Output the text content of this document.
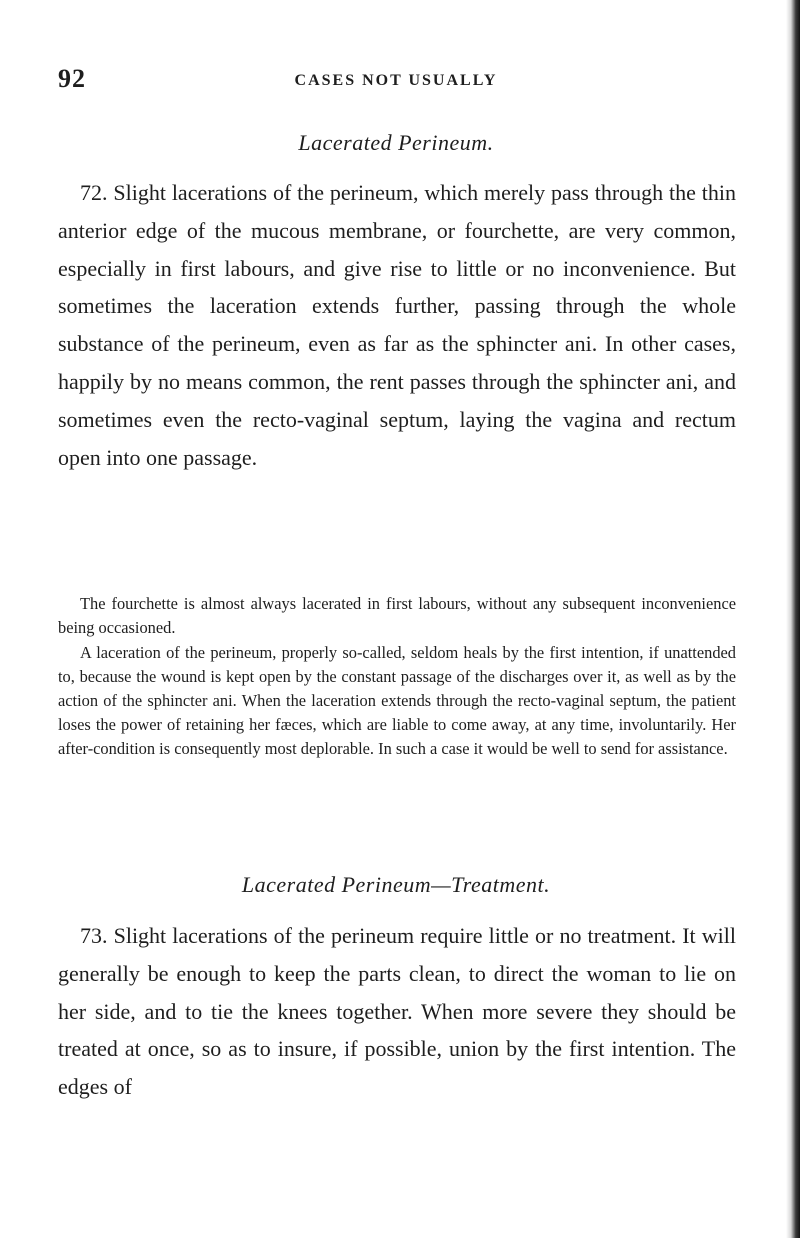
92	CASES NOT USUALLY
Lacerated Perineum.

72. Slight lacerations of the perineum, which merely pass through the thin anterior edge of the mucous membrane, or fourchette, are very common, especially in first labours, and give rise to little or no inconvenience. But sometimes the laceration extends further, passing through the whole substance of the perineum, even as far as the sphincter ani. In other cases, happily by no means common, the rent passes through the sphincter ani, and sometimes even the recto-vaginal septum, laying the vagina and rectum open into one passage.

The fourchette is almost always lacerated in first labours, without any subsequent inconvenience being occasioned.

A laceration of the perineum, properly so-called, seldom heals by the first intention, if unattended to, because the wound is kept open by the constant passage of the discharges over it, as well as by the action of the sphincter ani. When the laceration extends through the recto-vaginal septum, the patient loses the power of retaining her fæces, which are liable to come away, at any time, involuntarily. Her after-condition is consequently most deplorable. In such a case it would be well to send for assistance.

Lacerated Perineum—Treatment.

73. Slight lacerations of the perineum require little or no treatment. It will generally be enough to keep the parts clean, to direct the woman to lie on her side, and to tie the knees together. When more severe they should be treated at once, so as to insure, if possible, union by the first intention. The edges of
